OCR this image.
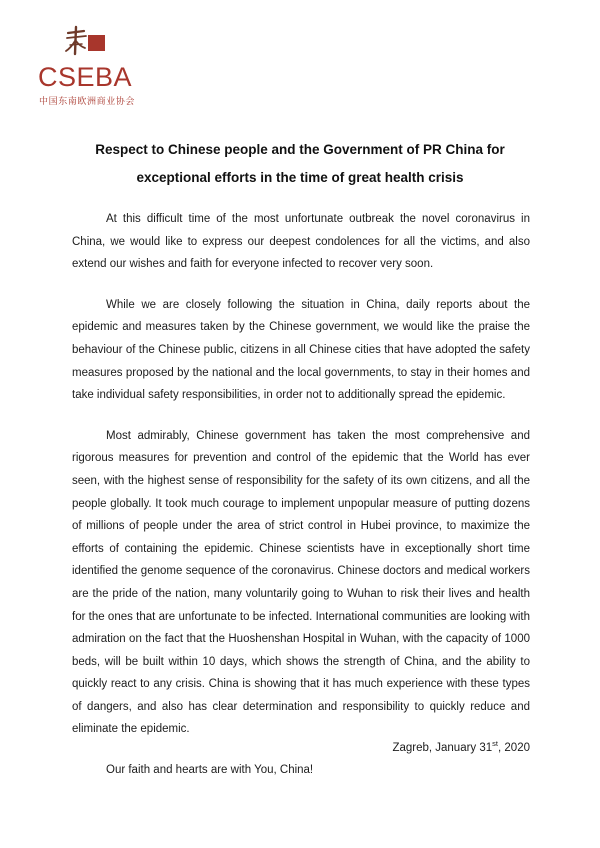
CSEBA
中国东南欧洲商业协会
Respect to Chinese people and the Government of PR China for exceptional efforts in the time of great health crisis

At this difficult time of the most unfortunate outbreak the novel coronavirus in China, we would like to express our deepest condolences for all the victims, and also extend our wishes and faith for everyone infected to recover very soon.

While we are closely following the situation in China, daily reports about the epidemic and measures taken by the Chinese government, we would like the praise the behaviour of the Chinese public, citizens in all Chinese cities that have adopted the safety measures proposed by the national and the local governments, to stay in their homes and take individual safety responsibilities, in order not to additionally spread the epidemic.

Most admirably, Chinese government has taken the most comprehensive and rigorous measures for prevention and control of the epidemic that the World has ever seen, with the highest sense of responsibility for the safety of its own citizens, and all the people globally. It took much courage to implement unpopular measure of putting dozens of millions of people under the area of strict control in Hubei province, to maximize the efforts of containing the epidemic. Chinese scientists have in exceptionally short time identified the genome sequence of the coronavirus. Chinese doctors and medical workers are the pride of the nation, many voluntarily going to Wuhan to risk their lives and health for the ones that are unfortunate to be infected. International communities are looking with admiration on the fact that the Huoshenshan Hospital in Wuhan, with the capacity of 1000 beds, will be built within 10 days, which shows the strength of China, and the ability to quickly react to any crisis. China is showing that it has much experience with these types of dangers, and also has clear determination and responsibility to quickly reduce and eliminate the epidemic.

Our faith and hearts are with You, China!

Zagreb, January 31st, 2020
